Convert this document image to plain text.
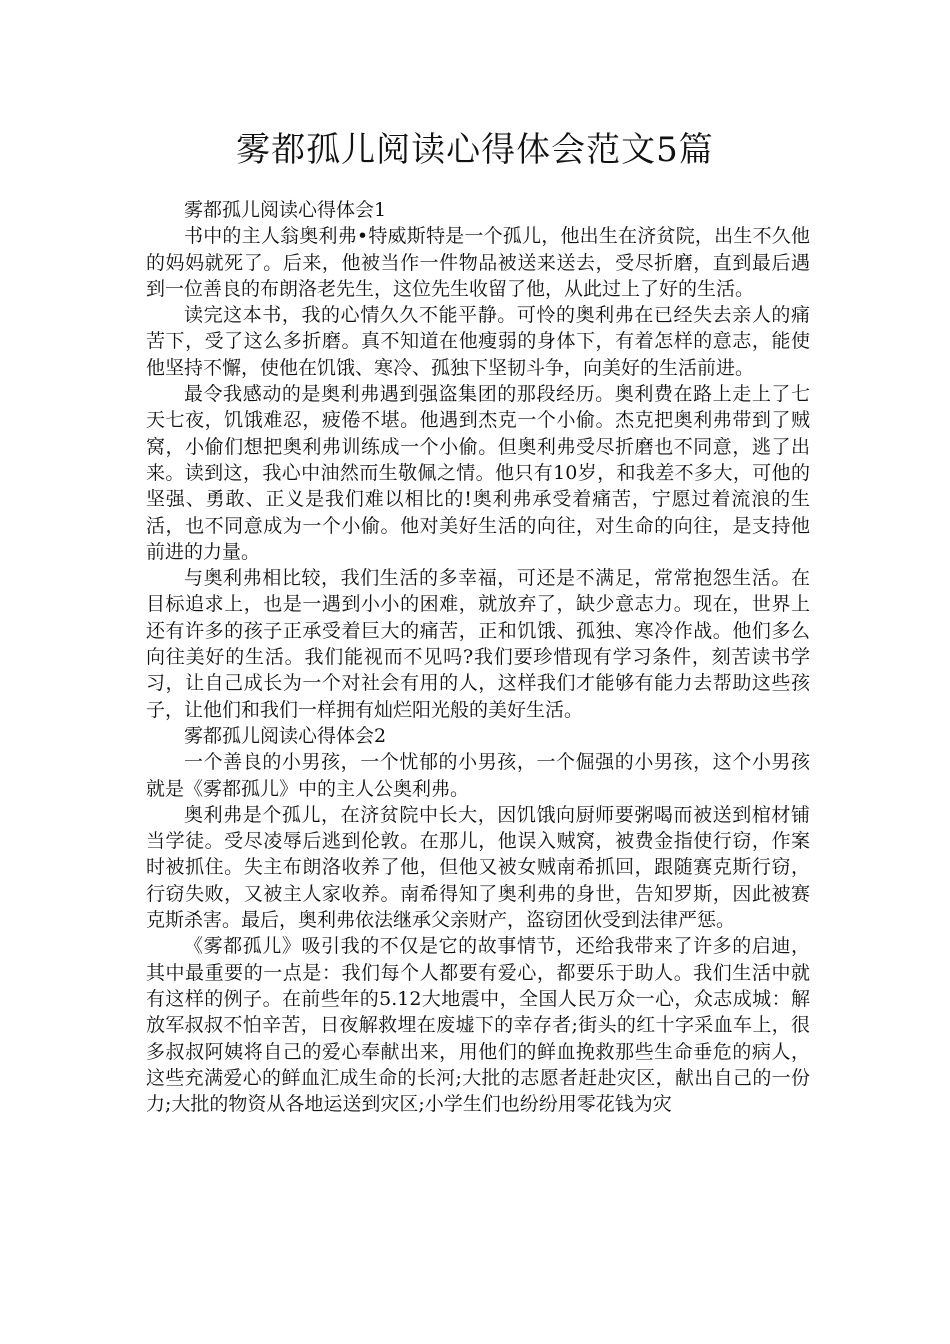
雾都孤儿阅读心得体会范文5篇

雾都孤儿阅读心得体会1

书中的主人翁奥利弗•特威斯特是一个孤儿，他出生在济贫院，出生不久他的妈妈就死了。后来，他被当作一件物品被送来送去，受尽折磨，直到最后遇到一位善良的布朗洛老先生，这位先生收留了他，从此过上了好的生活。

读完这本书，我的心情久久不能平静。可怜的奥利弗在已经失去亲人的痛苦下，受了这么多折磨。真不知道在他瘦弱的身体下，有着怎样的意志，能使他坚持不懈，使他在饥饿、寒冷、孤独下坚韧斗争，向美好的生活前进。

最令我感动的是奥利弗遇到强盗集团的那段经历。奥利费在路上走上了七天七夜，饥饿难忍，疲倦不堪。他遇到杰克一个小偷。杰克把奥利弗带到了贼窝，小偷们想把奥利弗训练成一个小偷。但奥利弗受尽折磨也不同意，逃了出来。读到这，我心中油然而生敬佩之情。他只有10岁，和我差不多大，可他的坚强、勇敢、正义是我们难以相比的!奥利弗承受着痛苦，宁愿过着流浪的生活，也不同意成为一个小偷。他对美好生活的向往，对生命的向往，是支持他前进的力量。

与奥利弗相比较，我们生活的多幸福，可还是不满足，常常抱怨生活。在目标追求上，也是一遇到小小的困难，就放弃了，缺少意志力。现在，世界上还有许多的孩子正承受着巨大的痛苦，正和饥饿、孤独、寒冷作战。他们多么向往美好的生活。我们能视而不见吗?我们要珍惜现有学习条件，刻苦读书学习，让自己成长为一个对社会有用的人，这样我们才能够有能力去帮助这些孩子，让他们和我们一样拥有灿烂阳光般的美好生活。

雾都孤儿阅读心得体会2

一个善良的小男孩，一个忧郁的小男孩，一个倔强的小男孩，这个小男孩就是《雾都孤儿》中的主人公奥利弗。

奥利弗是个孤儿，在济贫院中长大，因饥饿向厨师要粥喝而被送到棺材铺当学徒。受尽凌辱后逃到伦敦。在那儿，他误入贼窝，被费金指使行窃，作案时被抓住。失主布朗洛收养了他，但他又被女贼南希抓回，跟随赛克斯行窃，行窃失败，又被主人家收养。南希得知了奥利弗的身世，告知罗斯，因此被赛克斯杀害。最后，奥利弗依法继承父亲财产，盗窃团伙受到法律严惩。

《雾都孤儿》吸引我的不仅是它的故事情节，还给我带来了许多的启迪，其中最重要的一点是：我们每个人都要有爱心，都要乐于助人。我们生活中就有这样的例子。在前些年的5.12大地震中，全国人民万众一心，众志成城：解放军叔叔不怕辛苦，日夜解救埋在废墟下的幸存者;街头的红十字采血车上，很多叔叔阿姨将自己的爱心奉献出来，用他们的鲜血挽救那些生命垂危的病人，这些充满爱心的鲜血汇成生命的长河;大批的志愿者赶赴灾区，献出自己的一份力;大批的物资从各地运送到灾区;小学生们也纷纷用零花钱为灾
